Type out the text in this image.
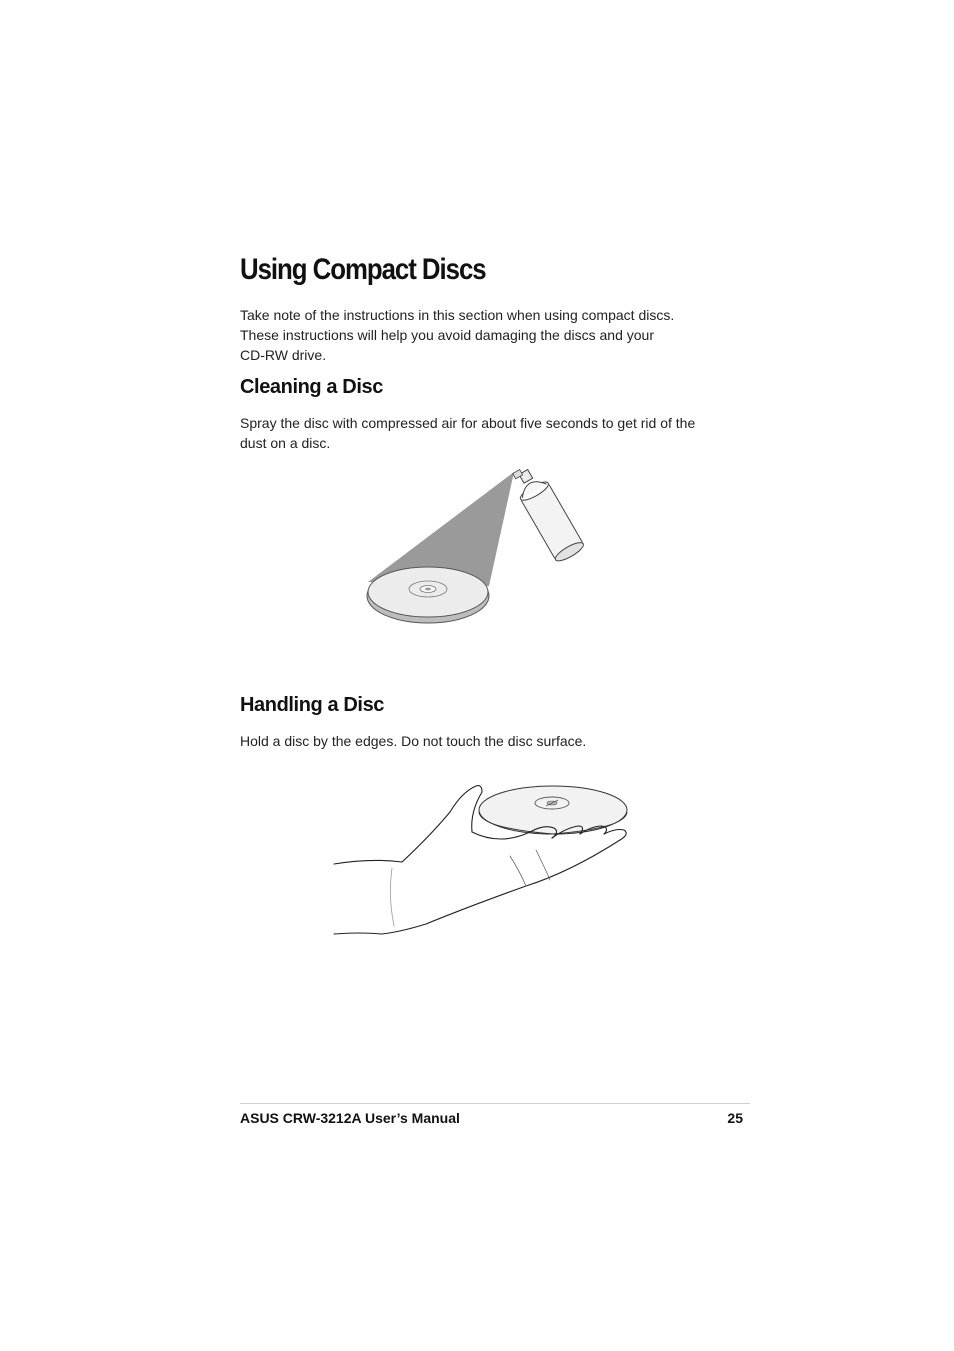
Using Compact Discs

Take note of the instructions in this section when using compact discs.
These instructions will help you avoid damaging the discs and your
CD-RW drive.

Cleaning a Disc

Spray the disc with compressed air for about five seconds to get rid of the
dust on a disc.

Handling a Disc

Hold a disc by the edges. Do not touch the disc surface.

ASUS CRW-3212A User’s Manual	25
